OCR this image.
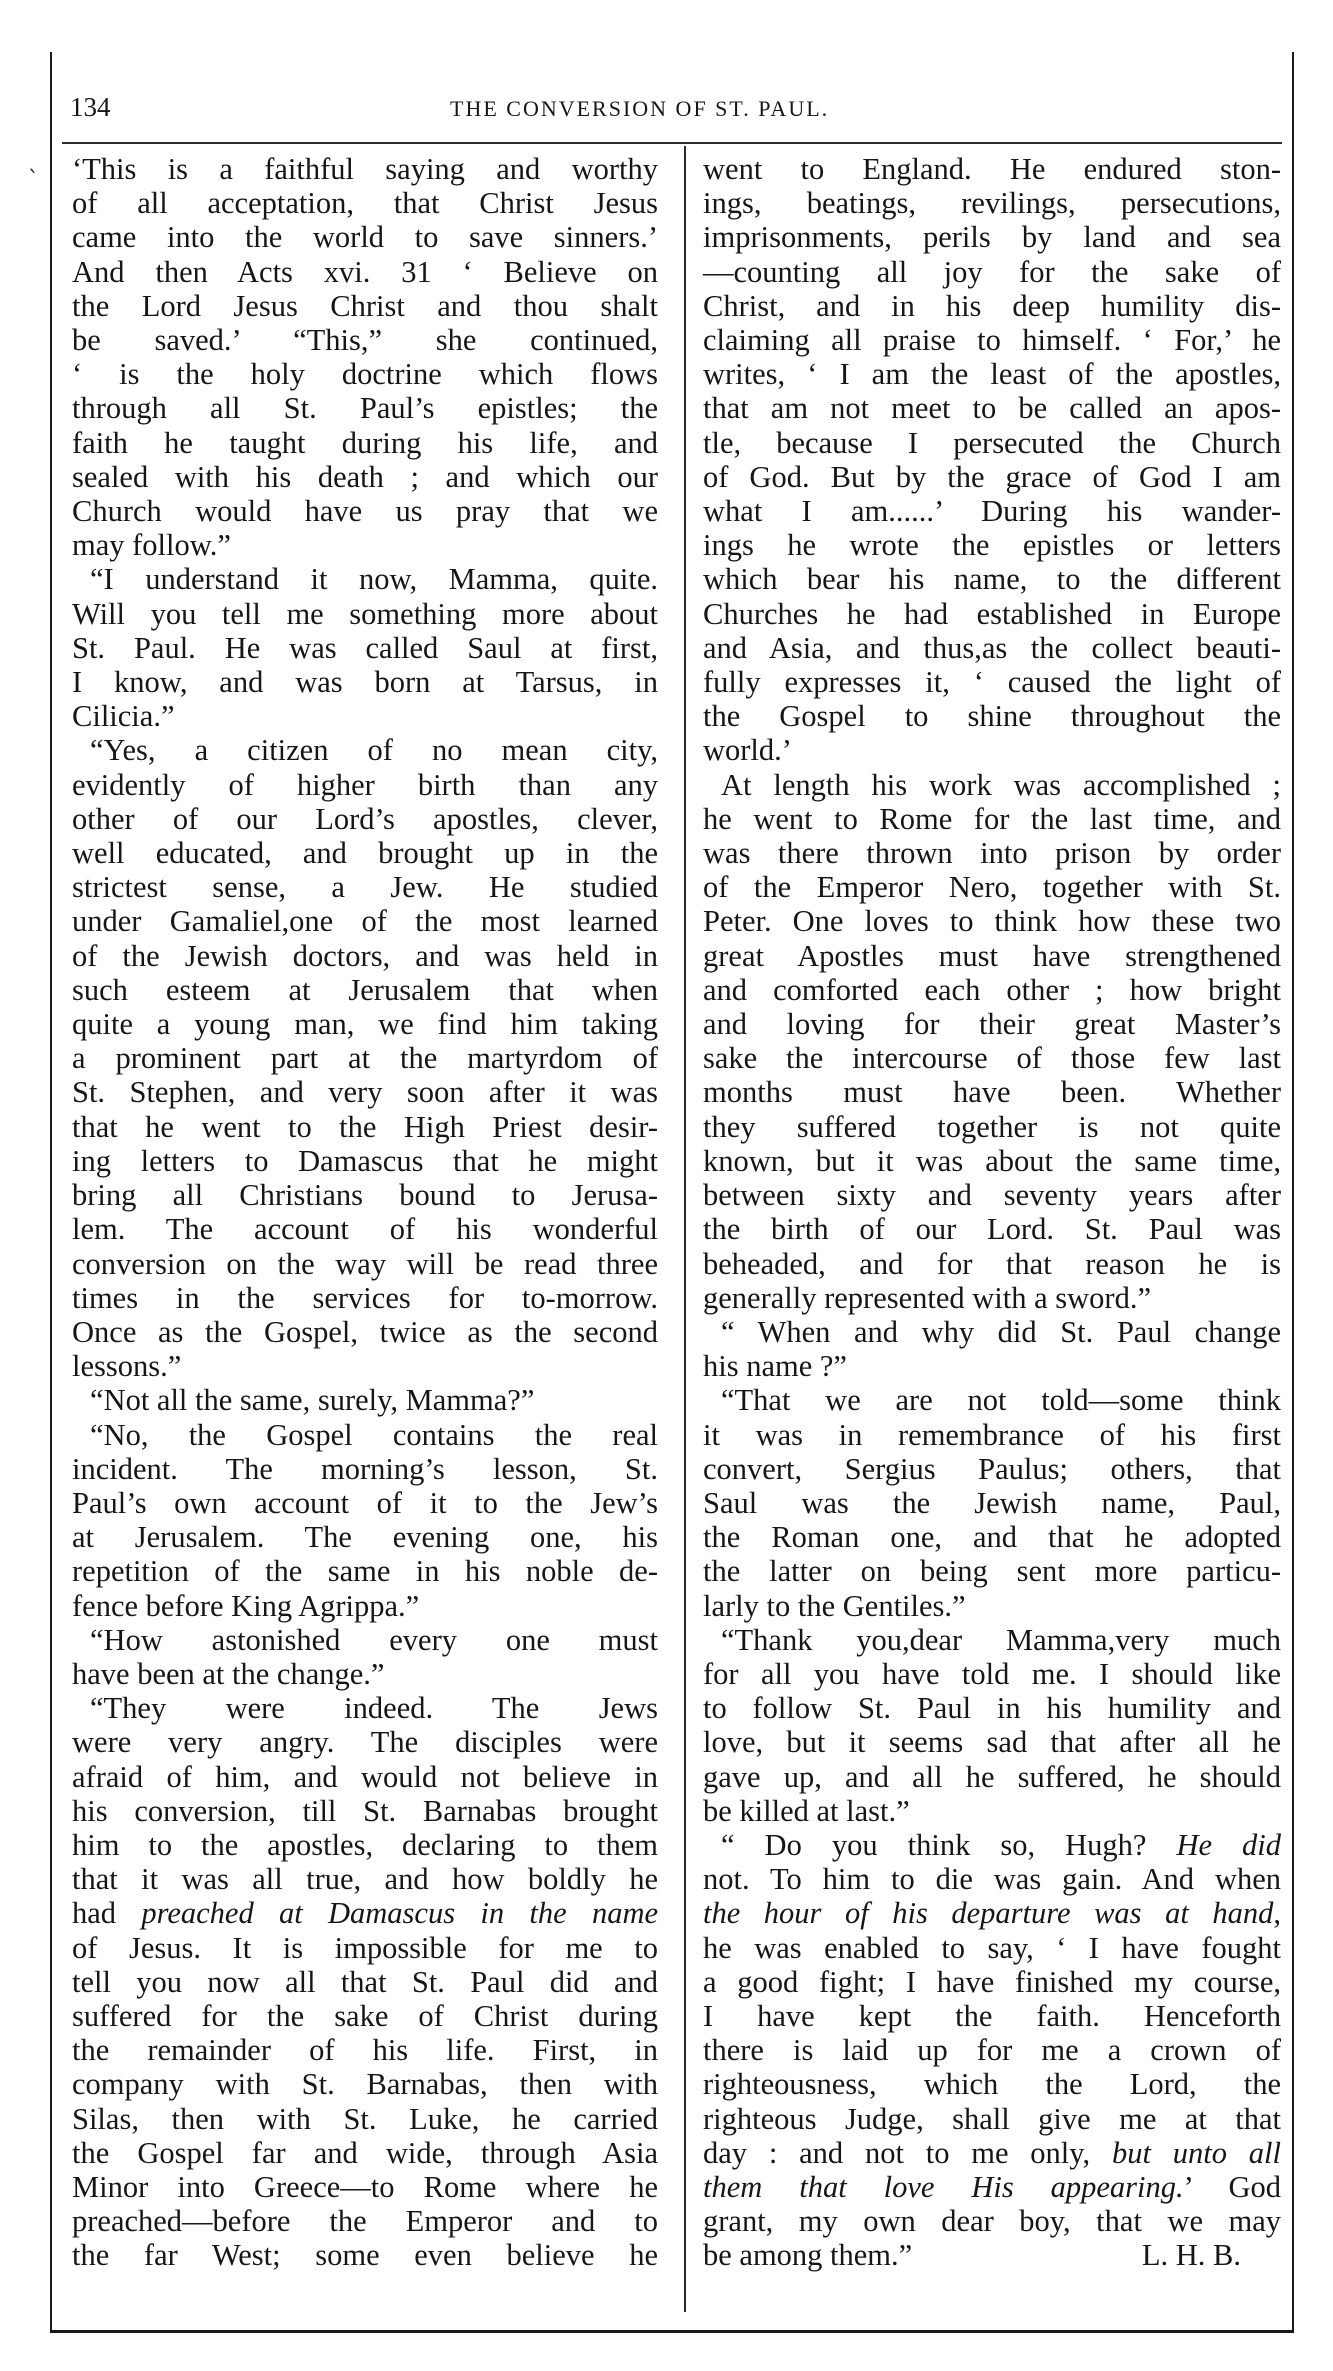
134	THE CONVERSION OF ST. PAUL.
` ‘This is a faithful saying and worthy
of all acceptation, that Christ Jesus
came into the world to save sinners.’
And then Acts xvi. 31 ‘ Believe on
the Lord Jesus Christ and thou shalt
be saved.’ “This,” she continued,
‘ is the holy doctrine which flows
through all St. Paul’s epistles; the
faith he taught during his life, and
sealed with his death ; and which our
Church would have us pray that we
may follow.”
“I understand it now, Mamma, quite.
Will you tell me something more about
St. Paul. He was called Saul at first,
I know, and was born at Tarsus, in
Cilicia.”
“Yes, a citizen of no mean city,
evidently of higher birth than any
other of our Lord’s apostles, clever,
well educated, and brought up in the
strictest sense, a Jew. He studied
under Gamaliel,one of the most learned
of the Jewish doctors, and was held in
such esteem at Jerusalem that when
quite a young man, we find him taking
a prominent part at the martyrdom of
St. Stephen, and very soon after it was
that he went to the High Priest desir-
ing letters to Damascus that he might
bring all Christians bound to Jerusa-
lem. The account of his wonderful
conversion on the way will be read three
times in the services for to-morrow.
Once as the Gospel, twice as the second
lessons.”
“Not all the same, surely, Mamma?”
“No, the Gospel contains the real
incident. The morning’s lesson, St.
Paul’s own account of it to the Jew’s
at Jerusalem. The evening one, his
repetition of the same in his noble de-
fence before King Agrippa.”
“How astonished every one must
have been at the change.”
“They were indeed. The Jews
were very angry. The disciples were
afraid of him, and would not believe in
his conversion, till St. Barnabas brought
him to the apostles, declaring to them
that it was all true, and how boldly he
had preached at Damascus in the name
of Jesus. It is impossible for me to
tell you now all that St. Paul did and
suffered for the sake of Christ during
the remainder of his life. First, in
company with St. Barnabas, then with
Silas, then with St. Luke, he carried
the Gospel far and wide, through Asia
Minor into Greece—to Rome where he
preached—before the Emperor and to
the far West; some even believe he
went to England. He endured ston-
ings, beatings, revilings, persecutions,
imprisonments, perils by land and sea
—counting all joy for the sake of
Christ, and in his deep humility dis-
claiming all praise to himself. ‘ For,’ he
writes, ‘ I am the least of the apostles,
that am not meet to be called an apos-
tle, because I persecuted the Church
of God. But by the grace of God I am
what I am......’ During his wander-
ings he wrote the epistles or letters
which bear his name, to the different
Churches he had established in Europe
and Asia, and thus,as the collect beauti-
fully expresses it, ‘ caused the light of
the Gospel to shine throughout the
world.’
At length his work was accomplished ;
he went to Rome for the last time, and
was there thrown into prison by order
of the Emperor Nero, together with St.
Peter. One loves to think how these two
great Apostles must have strengthened
and comforted each other ; how bright
and loving for their great Master’s
sake the intercourse of those few last
months must have been. Whether
they suffered together is not quite
known, but it was about the same time,
between sixty and seventy years after
the birth of our Lord. St. Paul was
beheaded, and for that reason he is
generally represented with a sword.”
“ When and why did St. Paul change
his name ?”
“That we are not told—some think
it was in remembrance of his first
convert, Sergius Paulus; others, that
Saul was the Jewish name, Paul,
the Roman one, and that he adopted
the latter on being sent more particu-
larly to the Gentiles.”
“Thank you,dear Mamma,very much
for all you have told me. I should like
to follow St. Paul in his humility and
love, but it seems sad that after all he
gave up, and all he suffered, he should
be killed at last.”
“ Do you think so, Hugh? He did
not. To him to die was gain. And when
the hour of his departure was at hand,
he was enabled to say, ‘ I have fought
a good fight; I have finished my course,
I have kept the faith. Henceforth
there is laid up for me a crown of
righteousness, which the Lord, the
righteous Judge, shall give me at that
day : and not to me only, but unto all
them that love His appearing.’ God
grant, my own dear boy, that we may
be among them.”	L. H. B.
